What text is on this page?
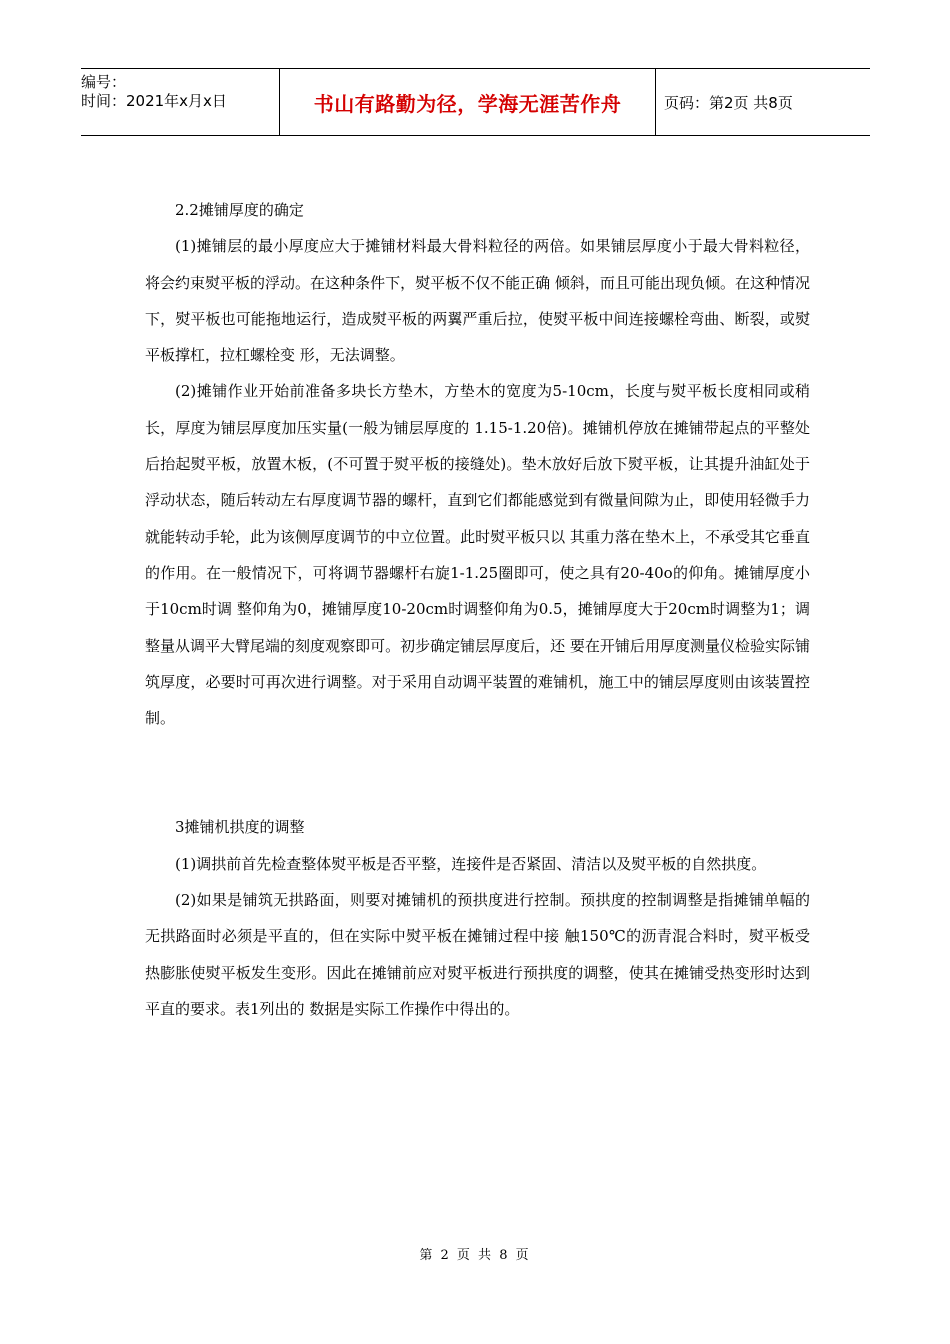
编号：
时间：2021年x月x日	书山有路勤为径，学海无涯苦作舟	页码：第2页 共8页

2.2摊铺厚度的确定

(1)摊铺层的最小厚度应大于摊铺材料最大骨料粒径的两倍。如果铺层厚度小于最大骨料粒径，将会约束熨平板的浮动。在这种条件下，熨平板不仅不能正确 倾斜，而且可能出现负倾。在这种情况下，熨平板也可能拖地运行，造成熨平板的两翼严重后拉，使熨平板中间连接螺栓弯曲、断裂，或熨平板撑杠，拉杠螺栓变 形，无法调整。

(2)摊铺作业开始前准备多块长方垫木，方垫木的宽度为5-10cm，长度与熨平板长度相同或稍长，厚度为铺层厚度加压实量(一般为铺层厚度的 1.15-1.20倍)。摊铺机停放在摊铺带起点的平整处后抬起熨平板，放置木板，(不可置于熨平板的接缝处)。垫木放好后放下熨平板，让其提升油缸处于 浮动状态，随后转动左右厚度调节器的螺杆，直到它们都能感觉到有微量间隙为止，即使用轻微手力就能转动手轮，此为该侧厚度调节的中立位置。此时熨平板只以 其重力落在垫木上，不承受其它垂直的作用。在一般情况下，可将调节器螺杆右旋1-1.25圈即可，使之具有20-40o的仰角。摊铺厚度小于10cm时调 整仰角为0，摊铺厚度10-20cm时调整仰角为0.5，摊铺厚度大于20cm时调整为1；调整量从调平大臂尾端的刻度观察即可。初步确定铺层厚度后，还 要在开铺后用厚度测量仪检验实际铺筑厚度，必要时可再次进行调整。对于采用自动调平装置的难铺机，施工中的铺层厚度则由该装置控制。

3摊铺机拱度的调整

(1)调拱前首先检查整体熨平板是否平整，连接件是否紧固、清洁以及熨平板的自然拱度。

(2)如果是铺筑无拱路面，则要对摊铺机的预拱度进行控制。预拱度的控制调整是指摊铺单幅的无拱路面时必须是平直的，但在实际中熨平板在摊铺过程中接 触150℃的沥青混合料时，熨平板受热膨胀使熨平板发生变形。因此在摊铺前应对熨平板进行预拱度的调整，使其在摊铺受热变形时达到平直的要求。表1列出的 数据是实际工作操作中得出的。

第 2 页 共 8 页
